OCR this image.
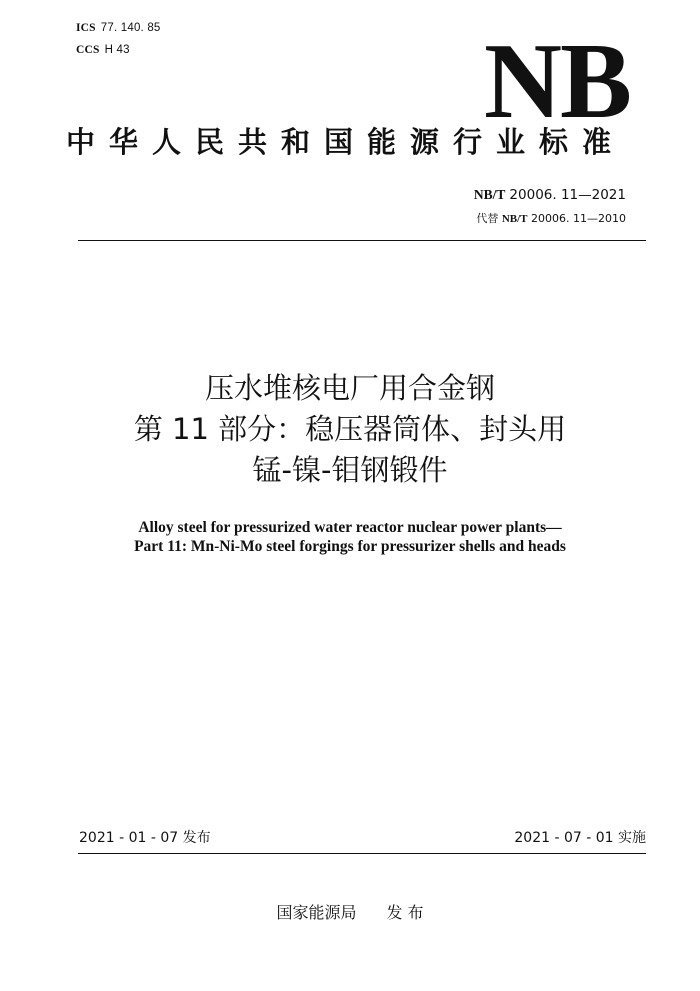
ICS 77. 140. 85
CCS H 43	NB
中华人民共和国能源行业标准
NB/T 20006. 11—2021
代替 NB/T 20006. 11—2010
压水堆核电厂用合金钢
第 11 部分：稳压器筒体、封头用
锰-镍-钼钢锻件
Alloy steel for pressurized water reactor nuclear power plants—
Part 11: Mn-Ni-Mo steel forgings for pressurizer shells and heads
2021 - 01 - 07 发布	2021 - 07 - 01 实施
国家能源局 发 布
